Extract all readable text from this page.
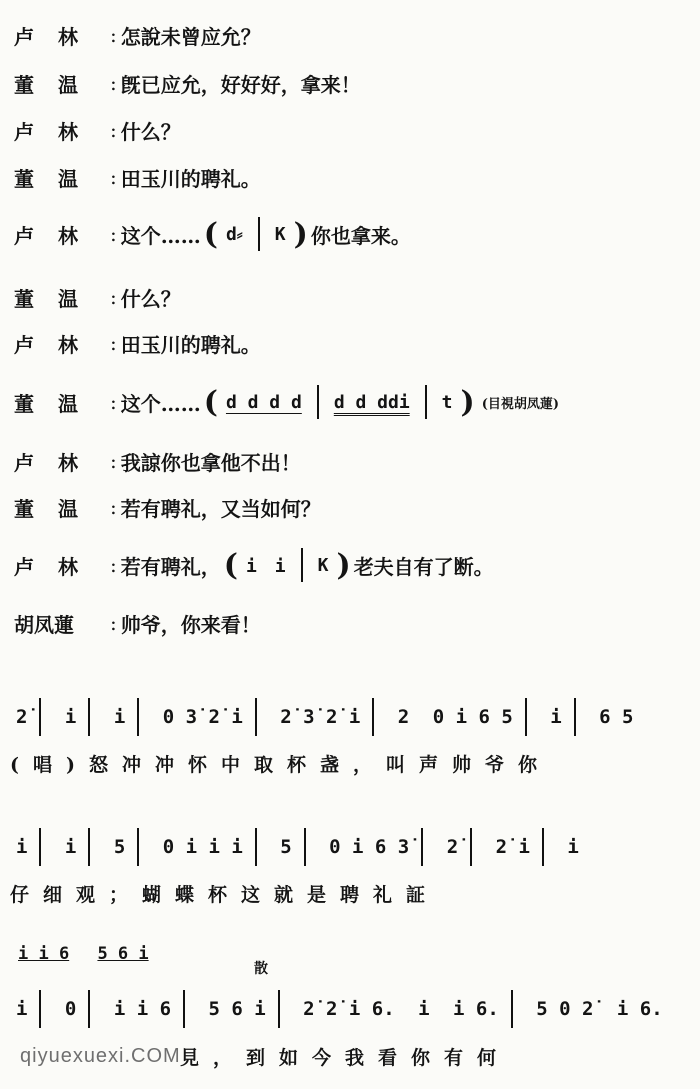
卢　林	: 怎說未曾应允？
董　温	: 旣已应允，好好好，拿来！
卢　林	: 什么？
董　温	: 田玉川的聘礼。
卢　林	: 这个…… ( d⸗ K ) 你也拿来。
董　温	: 什么？
卢　林	: 田玉川的聘礼。
董　温	: 这个…… ( d d d d d d ddi t ) (目視胡凤蓮)
卢　林	: 我諒你也拿他不出！
董　温	: 若有聘礼，又当如何？
卢　林	: 若有聘礼， ( i　i K ) 老夫自有了断。
胡凤蓮	: 帅爷，你来看！
2̇ i i 0 3̇ 2̇ i 2̇ 3̇ 2̇ i 2 0 i 6 5 i 6 5
(唱)怒冲冲怀中取杯盏，叫声帅爷你
i i 5 0 i i i 5 0 i 6 3̇ 2̇ 2̇ i i
仔细观；蝴蝶杯这就是聘礼証
i i 6 5 6 i
散
i 0 i i 6 5 6 i 2̇ 2̇ i 6. i i 6. 5 0 2̇ i 6.
見，到如今我看你有何
qiyuexuexi.COM
